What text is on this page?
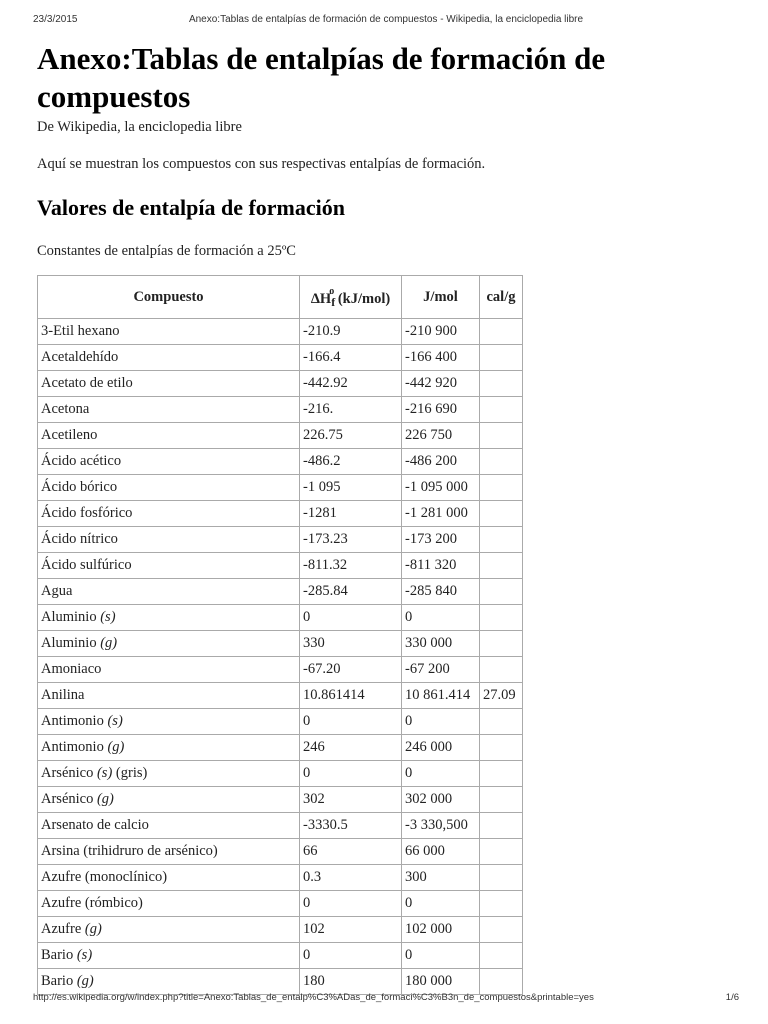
23/3/2015	Anexo:Tablas de entalpías de formación de compuestos - Wikipedia, la enciclopedia libre
Anexo:Tablas de entalpías de formación de
compuestos

De Wikipedia, la enciclopedia libre

Aquí se muestran los compuestos con sus respectivas entalpías de formación.

Valores de entalpía de formación

Constantes de entalpías de formación a 25ºC

Compuesto	$\Delta H_f^o$ (kJ/mol)	J/mol	cal/g
3-Etil hexano	-210.9	-210 900	
Acetaldehído	-166.4	-166 400	
Acetato de etilo	-442.92	-442 920	
Acetona	-216.	-216 690	
Acetileno	226.75	226 750	
Ácido acético	-486.2	-486 200	
Ácido bórico	-1 095	-1 095 000	
Ácido fosfórico	-1281	-1 281 000	
Ácido nítrico	-173.23	-173 200	
Ácido sulfúrico	-811.32	-811 320	
Agua	-285.84	-285 840	
Aluminio (s)	0	0	
Aluminio (g)	330	330 000	
Amoniaco	-67.20	-67 200	
Anilina	10.861414	10 861.414	27.09
Antimonio (s)	0	0	
Antimonio (g)	246	246 000	
Arsénico (s) (gris)	0	0	
Arsénico (g)	302	302 000	
Arsenato de calcio	-3330.5	-3 330,500	
Arsina (trihidruro de arsénico)	66	66 000	
Azufre (monoclínico)	0.3	300	
Azufre (rómbico)	0	0	
Azufre (g)	102	102 000	
Bario (s)	0	0	
Bario (g)	180	180 000	
http://es.wikipedia.org/w/index.php?title=Anexo:Tablas_de_entalp%C3%ADas_de_formaci%C3%B3n_de_compuestos&printable=yes	1/6
